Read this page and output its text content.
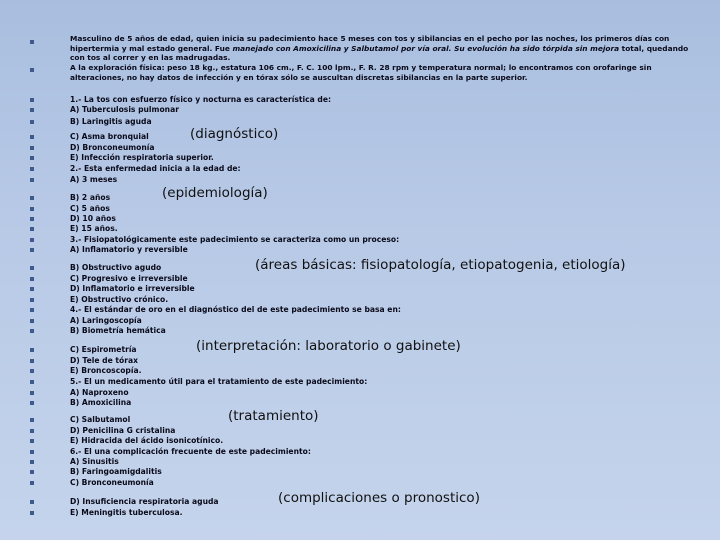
Masculino de 5 años de edad, quien inicia su padecimiento hace 5 meses con tos y sibilancias en el pecho por las noches, los primeros días con hipertermia y mal estado general. Fue manejado con Amoxicilina y Salbutamol por vía oral. Su evolución ha sido tórpida sin mejora total, quedando con tos al correr y en las madrugadas.
A la exploración física: peso 18 kg., estatura 106 cm., F. C. 100 lpm., F. R. 28 rpm y temperatura normal; lo encontramos con orofaringe sin alteraciones, no hay datos de infección y en tórax sólo se auscultan discretas sibilancias en la parte superior.
1.- La tos con esfuerzo físico y nocturna es característica de:
A) Tuberculosis pulmonar
B) Laringitis aguda
C) Asma bronquial
D) Bronconeumonía
E) Infección respiratoria superior.
2.- Esta enfermedad inicia a la edad de:
A) 3 meses
B) 2 años
C) 5 años
D) 10 años
E) 15 años.
3.- Fisiopatológicamente este padecimiento se caracteriza como un proceso:
A) Inflamatorio y reversible
B) Obstructivo agudo
C) Progresivo e irreversible
D) Inflamatorio e irreversible
E) Obstructivo crónico.
4.- El estándar de oro en el diagnóstico del de este padecimiento se basa en:
A) Laringoscopía
B) Biometría hemática
C) Espirometría
D) Tele de tórax
E) Broncoscopía.
5.- El un medicamento útil para el tratamiento de este padecimiento:
A) Naproxeno
B) Amoxicilina
C) Salbutamol
D) Penicilina G cristalina
E) Hidracida del ácido isonicotínico.
6.- El una complicación frecuente de este padecimiento:
A) Sinusitis
B) Faringoamigdalitis
C) Bronconeumonía
D) Insuficiencia respiratoria aguda
E) Meningitis tuberculosa.
(diagnóstico)
(epidemiología)
(áreas básicas: fisiopatología, etiopatogenia, etiología)
(interpretación: laboratorio o gabinete)
(tratamiento)
(complicaciones o pronostico)
